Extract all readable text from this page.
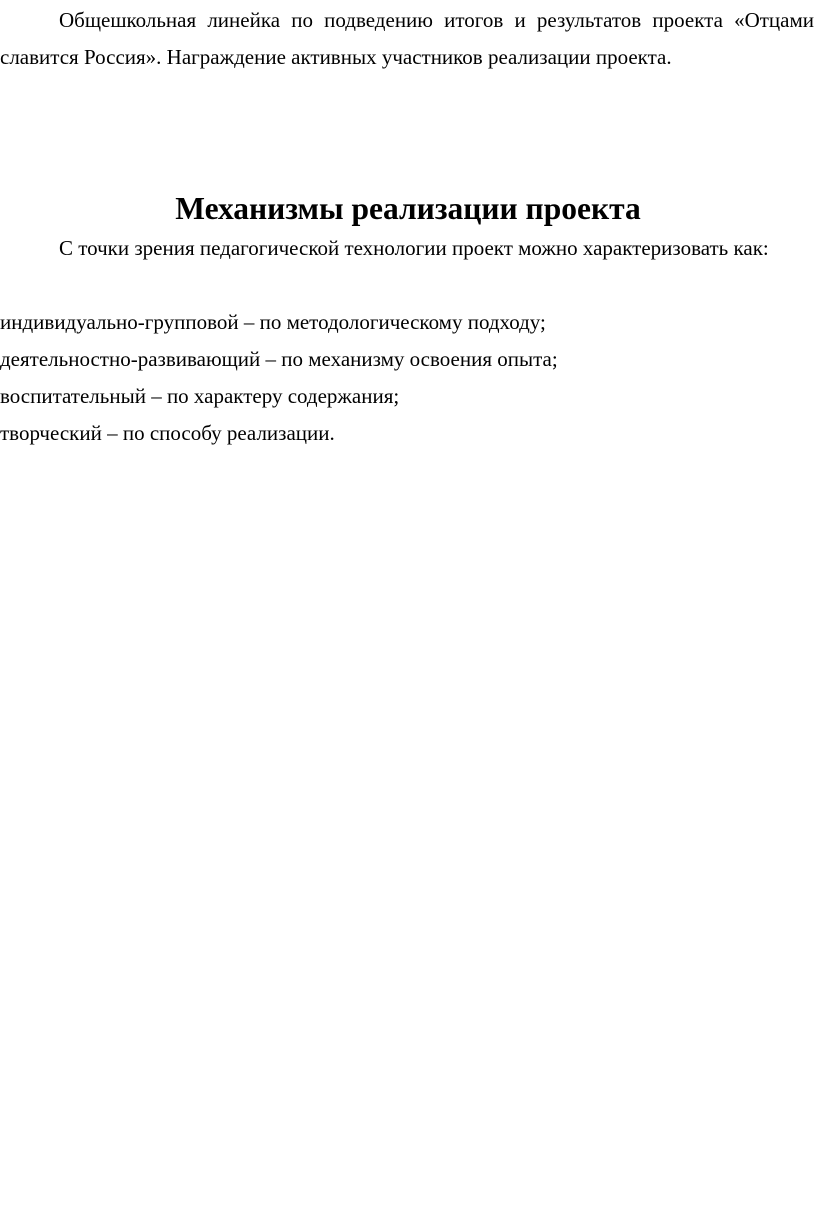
Общешкольная линейка по подведению итогов и результатов проекта «Отцами славится Россия». Награждение активных участников реализации проекта.

Механизмы реализации проекта

С точки зрения педагогической технологии проект можно характеризовать как:

индивидуально-групповой – по методологическому подходу;
деятельностно-развивающий – по механизму освоения опыта;
воспитательный – по характеру содержания;
творческий – по способу реализации.
